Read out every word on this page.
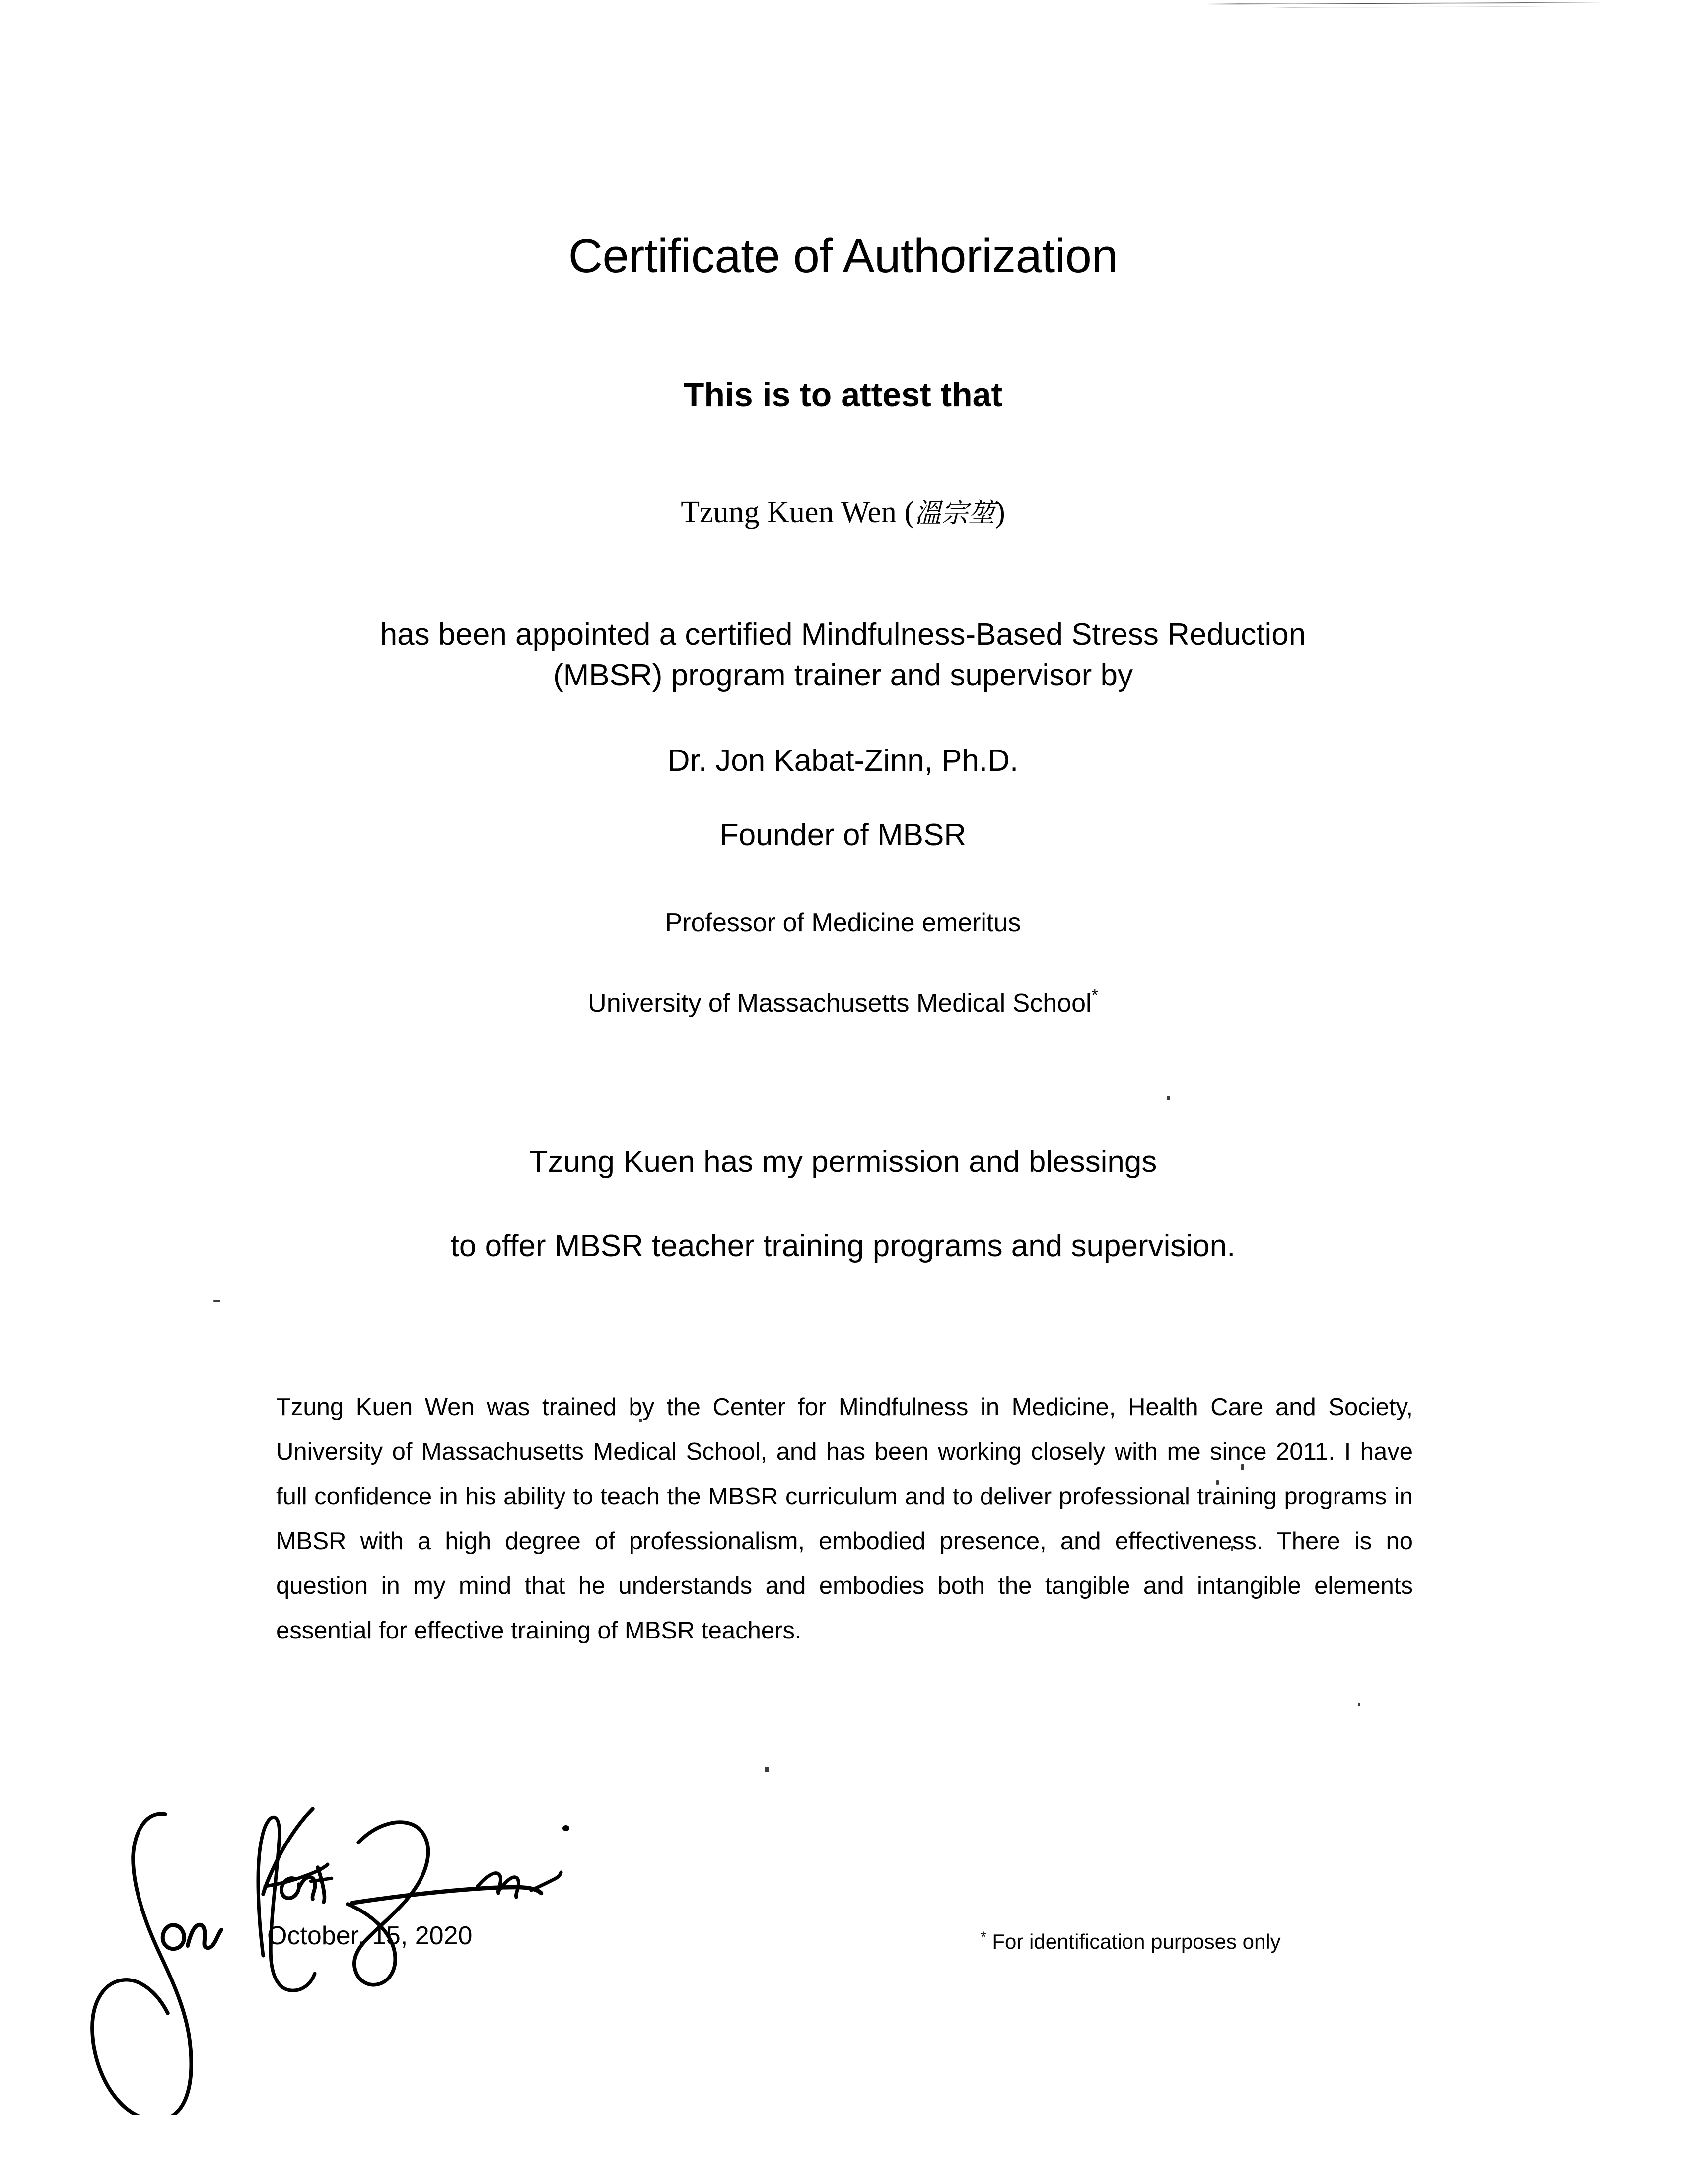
Certificate of Authorization
This is to attest that
Tzung Kuen Wen (溫宗堃)
has been appointed a certified Mindfulness-Based Stress Reduction (MBSR) program trainer and supervisor by
Dr. Jon Kabat-Zinn, Ph.D.
Founder of MBSR
Professor of Medicine emeritus
University of Massachusetts Medical School*
Tzung Kuen has my permission and blessings
to offer MBSR teacher training programs and supervision.

Tzung Kuen Wen was trained by the Center for Mindfulness in Medicine, Health Care and Society, University of Massachusetts Medical School, and has been working closely with me since 2011. I have full confidence in his ability to teach the MBSR curriculum and to deliver professional training programs in MBSR with a high degree of professionalism, embodied presence, and effectiveness. There is no question in my mind that he understands and embodies both the tangible and intangible elements essential for effective training of MBSR teachers.

October, 15, 2020	* For identification purposes only
